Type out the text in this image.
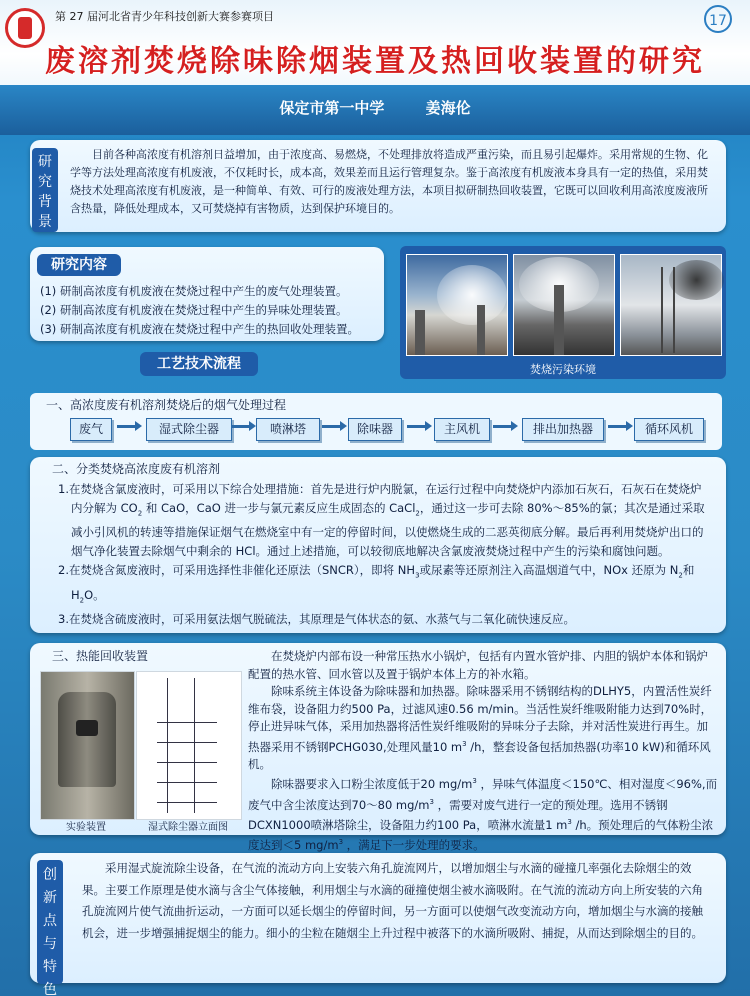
第 27 届河北省青少年科技创新大赛参赛项目	17
废溶剂焚烧除味除烟装置及热回收装置的研究
保定市第一中学	姜海伦
研究背景
目前各种高浓度有机溶剂日益增加，由于浓度高、易燃烧，不处理排放将造成严重污染，而且易引起爆炸。采用常规的生物、化学等方法处理高浓度有机废液，不仅耗时长，成本高，效果差而且运行管理复杂。鉴于高浓度有机废液本身具有一定的热值，采用焚烧技术处理高浓度有机废液，是一种简单、有效、可行的废液处理方法，本项目拟研制热回收装置，它既可以回收利用高浓度废液所含热量，降低处理成本，又可焚烧掉有害物质，达到保护环境目的。
研究内容
(1) 研制高浓度有机废液在焚烧过程中产生的废气处理装置。
(2) 研制高浓度有机废液在焚烧过程中产生的异味处理装置。
(3) 研制高浓度有机废液在焚烧过程中产生的热回收处理装置。
焚烧污染环境
工艺技术流程
一、高浓度废有机溶剂焚烧后的烟气处理过程
废气	湿式除尘器	喷淋塔	除味器	主风机	排出加热器	循环风机
二、分类焚烧高浓度废有机溶剂
1.在焚烧含氯废液时，可采用以下综合处理措施：首先是进行炉内脱氯，在运行过程中向焚烧炉内添加石灰石，石灰石在焚烧炉内分解为 $CO_2$ 和 CaO，CaO 进一步与氯元素反应生成固态的 CaCl$_2$，通过这一步可去除 80%～85%的氯；其次是通过采取减小引风机的转速等措施保证烟气在燃烧室中有一定的停留时间，以使燃烧生成的二恶英彻底分解。最后再利用焚烧炉出口的烟气净化装置去除烟气中剩余的 HCl。通过上述措施，可以较彻底地解决含氯废液焚烧过程中产生的污染和腐蚀问题。
2.在焚烧含氮废液时，可采用选择性非催化还原法（SNCR），即将 $NH_3$或尿素等还原剂注入高温烟道气中，NOx 还原为 $N_2$和 $H_2O$。
3.在焚烧含硫废液时，可采用氨法烟气脱硫法，其原理是气体状态的氨、水蒸气与二氧化硫快速反应。
三、热能回收装置
实验装置	湿式除尘器立面图
在焚烧炉内部布设一种常压热水小锅炉，包括有内置水管炉排、内胆的锅炉本体和锅炉配置的热水管、回水管以及置于锅炉本体上方的补水箱。
除味系统主体设备为除味器和加热器。除味器采用不锈钢结构的DLHY5，内置活性炭纤维布袋，设备阻力约500 Pa，过滤风速0.56 m/min。当活性炭纤维吸附能力达到70%时，停止进异味气体，采用加热器将活性炭纤维吸附的异味分子去除，并对活性炭进行再生。加热器采用不锈钢PCHG030,处理风量10 $m^3$ /h，整套设备包括加热器(功率10 kW)和循环风机。
除味器要求入口粉尘浓度低于20 $mg/m^3$ ，异味气体温度＜150℃、相对湿度＜96%,而废气中含尘浓度达到70～80 $mg/m^3$ ，需要对废气进行一定的预处理。选用不锈钢DCXN1000喷淋塔除尘，设备阻力约100 Pa，喷淋水流量1 $m^3$ /h。预处理后的气体粉尘浓度达到＜5 $mg/m^3$ ，满足下一步处理的要求。
创新点与特色
采用湿式旋流除尘设备，在气流的流动方向上安装六角孔旋流网片，以增加烟尘与水滴的碰撞几率强化去除烟尘的效果。主要工作原理是使水滴与含尘气体接触，利用烟尘与水滴的碰撞使烟尘被水滴吸附。在气流的流动方向上所安装的六角孔旋流网片使气流曲折运动，一方面可以延长烟尘的停留时间，另一方面可以使烟气改变流动方向，增加烟尘与水滴的接触机会，进一步增强捕捉烟尘的能力。细小的尘粒在随烟尘上升过程中被落下的水滴所吸附、捕捉，从而达到除烟尘的目的。
